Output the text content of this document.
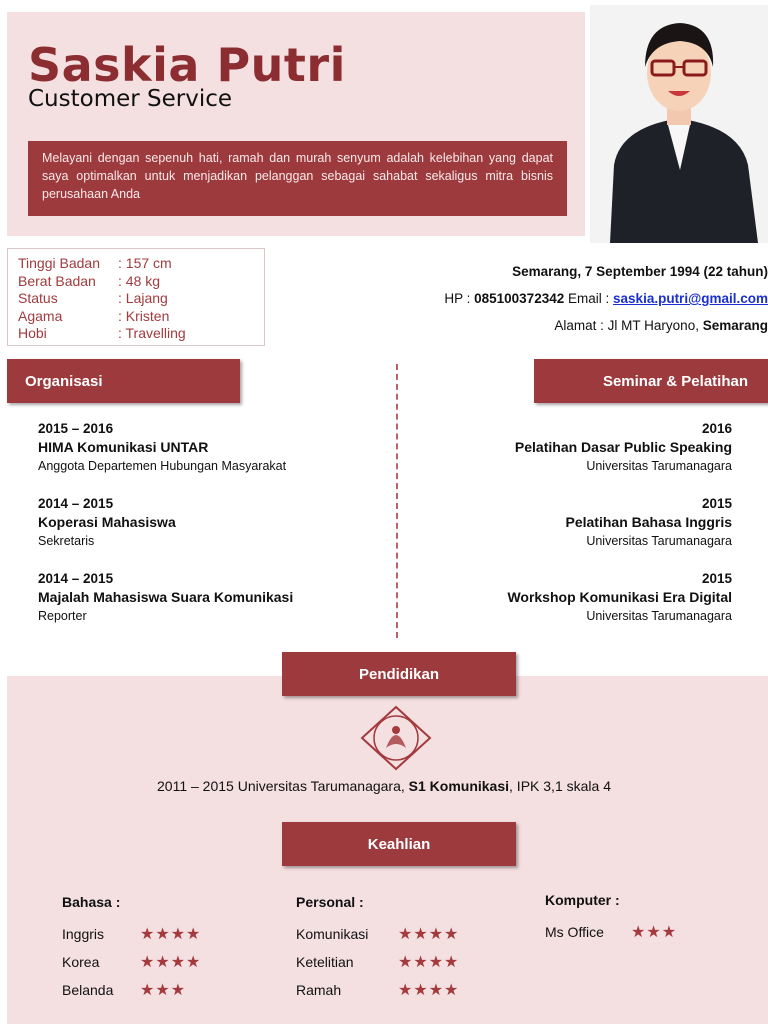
Saskia Putri
Customer Service
Melayani dengan sepenuh hati, ramah dan murah senyum adalah kelebihan yang dapat saya optimalkan untuk menjadikan pelanggan sebagai sahabat sekaligus mitra bisnis perusahaan Anda
Tinggi Badan	: 157 cm
Berat Badan	: 48 kg
Status	: Lajang
Agama	: Kristen
Hobi	: Travelling
Semarang, 7 September 1994 (22 tahun)
HP : 085100372342 Email : saskia.putri@gmail.com
Alamat : Jl MT Haryono, Semarang
Organisasi	Seminar & Pelatihan
2015 – 2016
HIMA Komunikasi UNTAR
Anggota Departemen Hubungan Masyarakat
2014 – 2015
Koperasi Mahasiswa
Sekretaris
2014 – 2015
Majalah Mahasiswa Suara Komunikasi
Reporter
2016
Pelatihan Dasar Public Speaking
Universitas Tarumanagara
2015
Pelatihan Bahasa Inggris
Universitas Tarumanagara
2015
Workshop Komunikasi Era Digital
Universitas Tarumanagara
Pendidikan
2011 – 2015 Universitas Tarumanagara, S1 Komunikasi, IPK 3,1 skala 4
Keahlian
Bahasa :
Inggris	★★★★
Korea	★★★★
Belanda	★★★
Personal :
Komunikasi	★★★★
Ketelitian	★★★★
Ramah	★★★★
Komputer :
Ms Office	★★★
